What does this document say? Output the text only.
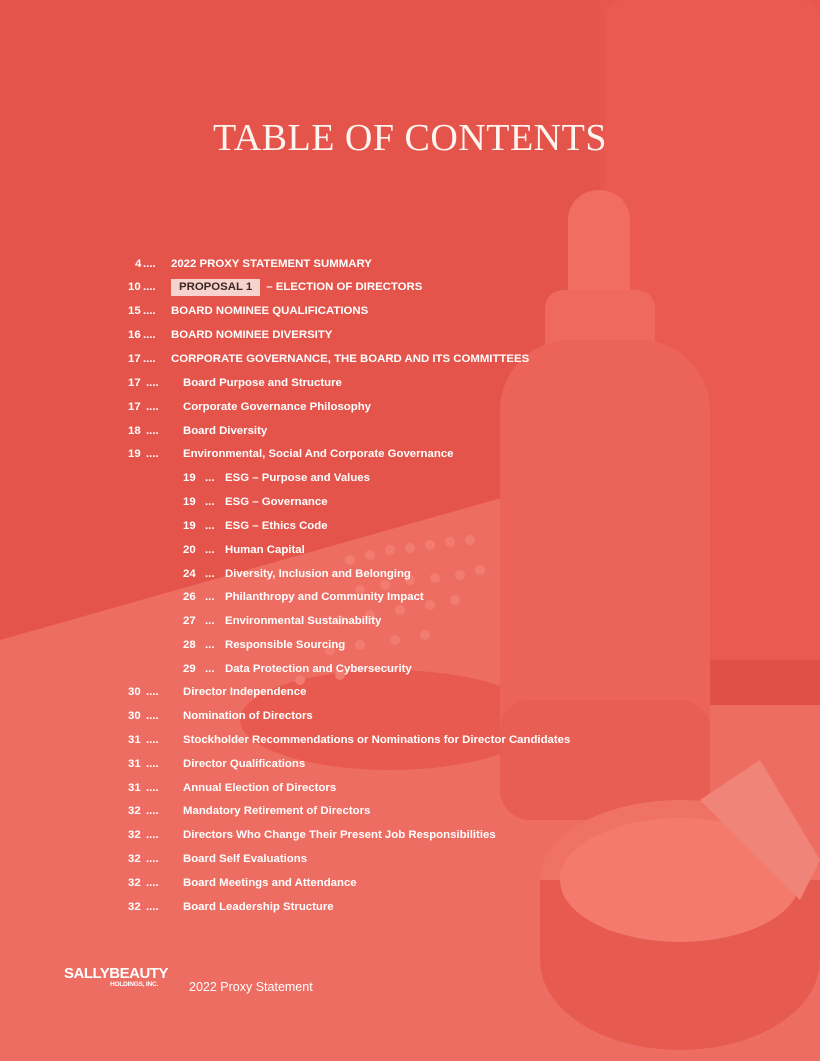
TABLE OF CONTENTS
4 .... 2022 PROXY STATEMENT SUMMARY
10 ....	PROPOSAL 1 – ELECTION OF DIRECTORS
15 .... BOARD NOMINEE QUALIFICATIONS
16 .... BOARD NOMINEE DIVERSITY
17 .... CORPORATE GOVERNANCE, THE BOARD AND ITS COMMITTEES
17 .... Board Purpose and Structure
17 .... Corporate Governance Philosophy
18 .... Board Diversity
19 .... Environmental, Social And Corporate Governance
19 ... ESG – Purpose and Values
19 ... ESG – Governance
19 ... ESG – Ethics Code
20 ... Human Capital
24 ... Diversity, Inclusion and Belonging
26 ... Philanthropy and Community Impact
27 ... Environmental Sustainability
28 ... Responsible Sourcing
29 ... Data Protection and Cybersecurity
30 .... Director Independence
30 .... Nomination of Directors
31 .... Stockholder Recommendations or Nominations for Director Candidates
31 .... Director Qualifications
31 .... Annual Election of Directors
32 .... Mandatory Retirement of Directors
32 .... Directors Who Change Their Present Job Responsibilities
32 .... Board Self Evaluations
32 .... Board Meetings and Attendance
32 .... Board Leadership Structure
SALLYBEAUTY
HOLDINGS, INC.	2022 Proxy Statement
